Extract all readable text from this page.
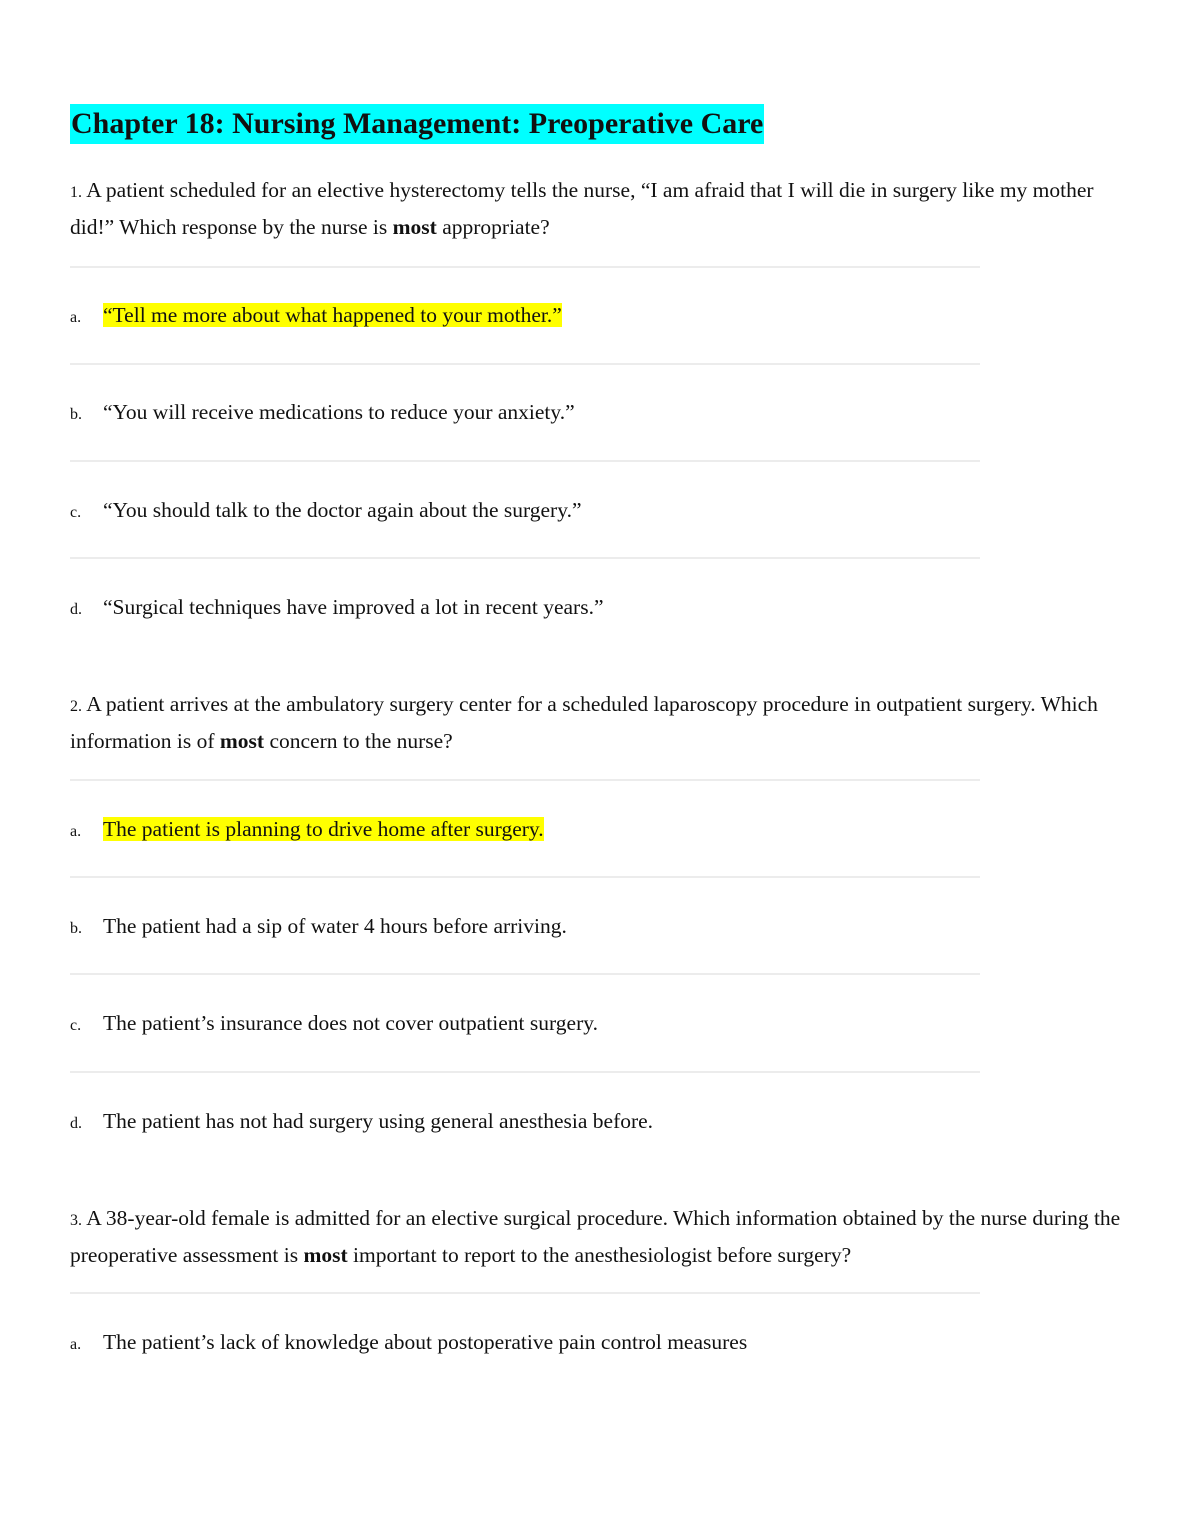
Chapter 18: Nursing Management: Preoperative Care

1. A patient scheduled for an elective hysterectomy tells the nurse, “I am afraid that I will die in surgery like my mother did!” Which response by the nurse is most appropriate?

a. “Tell me more about what happened to your mother.”
b. “You will receive medications to reduce your anxiety.”
c. “You should talk to the doctor again about the surgery.”
d. “Surgical techniques have improved a lot in recent years.”

2. A patient arrives at the ambulatory surgery center for a scheduled laparoscopy procedure in outpatient surgery. Which information is of most concern to the nurse?

a. The patient is planning to drive home after surgery.
b. The patient had a sip of water 4 hours before arriving.
c. The patient’s insurance does not cover outpatient surgery.
d. The patient has not had surgery using general anesthesia before.

3. A 38-year-old female is admitted for an elective surgical procedure. Which information obtained by the nurse during the preoperative assessment is most important to report to the anesthesiologist before surgery?

a. The patient’s lack of knowledge about postoperative pain control measures
